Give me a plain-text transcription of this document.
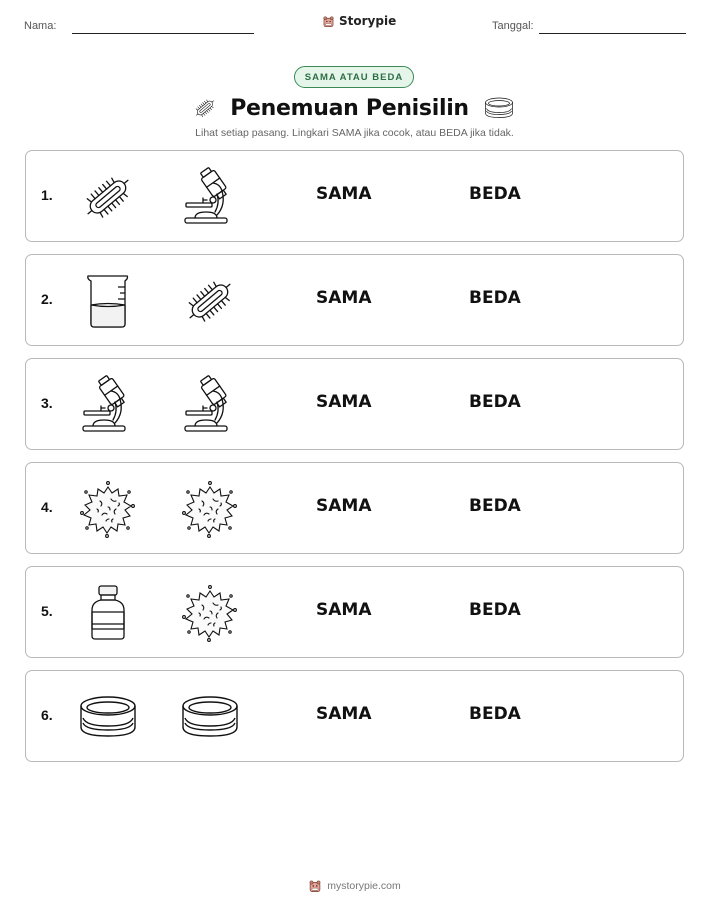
Nama:	Storypie	Tanggal:
SAMA ATAU BEDA
Penemuan Penisilin
Lihat setiap pasang. Lingkari SAMA jika cocok, atau BEDA jika tidak.
1.	SAMA	BEDA
2.	SAMA	BEDA
3.	SAMA	BEDA
4.	SAMA	BEDA
5.	SAMA	BEDA
6.	SAMA	BEDA
mystorypie.com
